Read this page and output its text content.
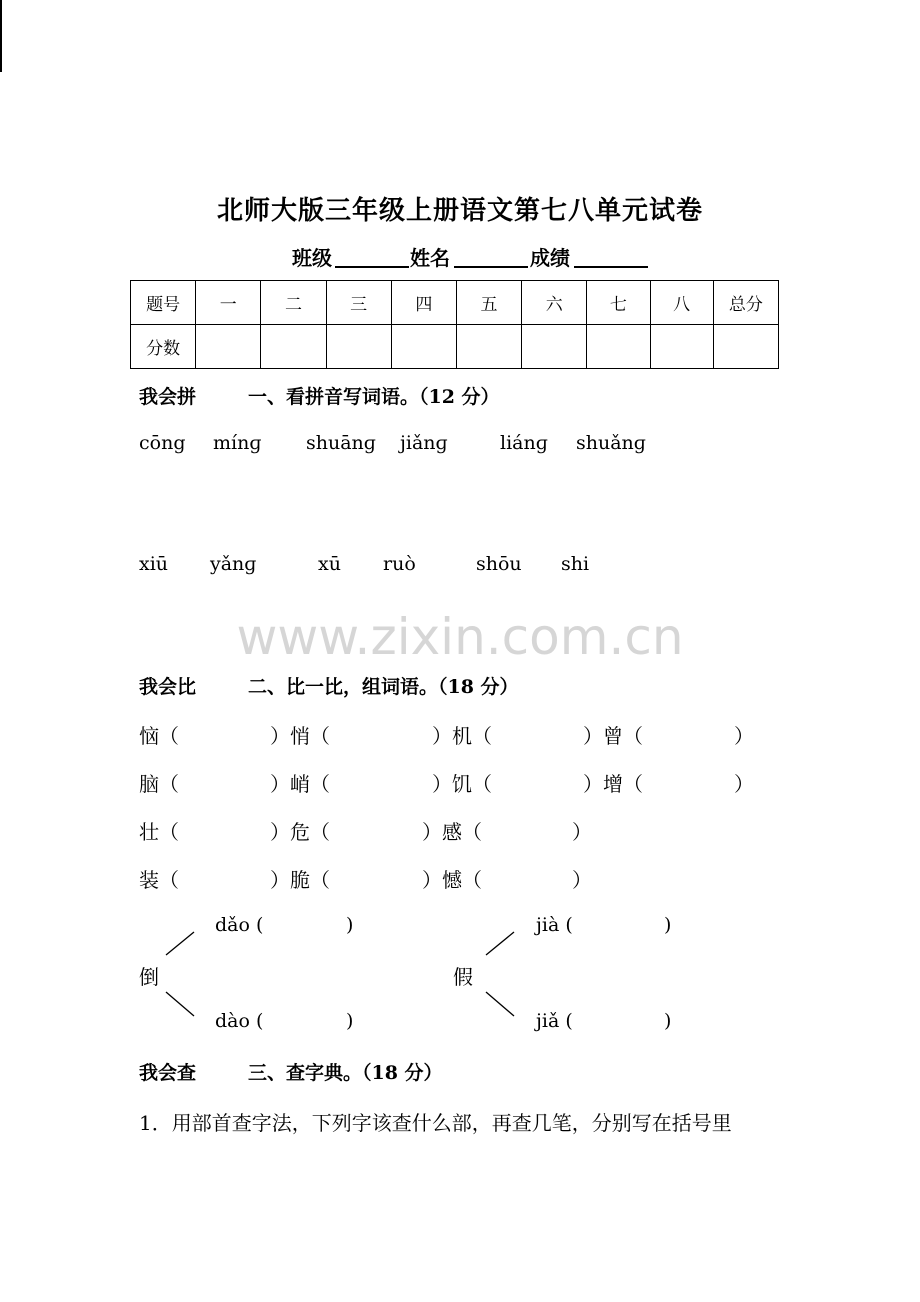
北师大版三年级上册语文第七八单元试卷
班级	姓名	成绩
题号	一	二	三	四	五	六	七	八	总分
分数									
我会拼	一、看拼音写词语。（12 分）
cōng mínɡ shuānɡ jiǎnɡ	liánɡ shuǎnɡ
xiū yǎnɡ	xū ruò	shōu shi
www.zixin.com.cn
我会比	二、比一比，组词语。（18 分）
恼（	）悄（	）机（	）曾（	）
脑（	）峭（	）饥（	）增（	）
壮（	）危（	）感（	）
装（	）脆（	）憾（	）
dǎo (	)
倒
dào (	)
jià (	)
假
jiǎ (	)
我会查	三、查字典。（18 分）
1．用部首查字法，下列字该查什么部，再查几笔，分别写在括号里
